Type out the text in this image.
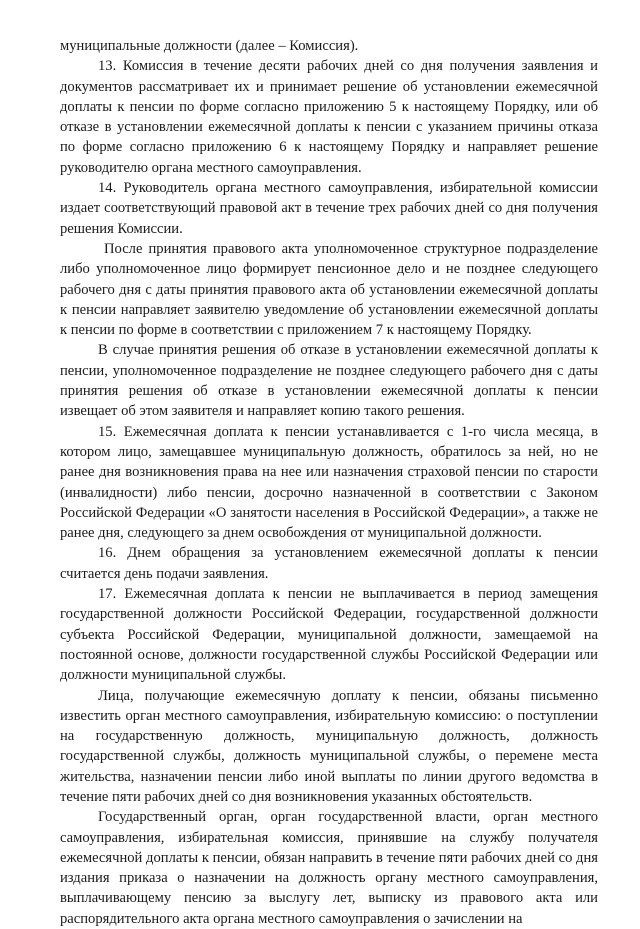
муниципальные должности (далее – Комиссия).

13. Комиссия в течение десяти рабочих дней со дня получения заявления и документов рассматривает их и принимает решение об установлении ежемесячной доплаты к пенсии по форме согласно приложению 5 к настоящему Порядку, или об отказе в установлении ежемесячной доплаты к пенсии с указанием причины отказа по форме согласно приложению 6 к настоящему Порядку и направляет решение руководителю органа местного самоуправления.

14. Руководитель органа местного самоуправления, избирательной комиссии издает соответствующий правовой акт в течение трех рабочих дней со дня получения решения Комиссии.

После принятия правового акта уполномоченное структурное подразделение либо уполномоченное лицо формирует пенсионное дело и не позднее следующего рабочего дня с даты принятия правового акта об установлении ежемесячной доплаты к пенсии направляет заявителю уведомление об установлении ежемесячной доплаты к пенсии по форме в соответствии с приложением 7 к настоящему Порядку.

В случае принятия решения об отказе в установлении ежемесячной доплаты к пенсии, уполномоченное подразделение не позднее следующего рабочего дня с даты принятия решения об отказе в установлении ежемесячной доплаты к пенсии извещает об этом заявителя и направляет копию такого решения.

15. Ежемесячная доплата к пенсии устанавливается с 1-го числа месяца, в котором лицо, замещавшее муниципальную должность, обратилось за ней, но не ранее дня возникновения права на нее или назначения страховой пенсии по старости (инвалидности) либо пенсии, досрочно назначенной в соответствии с Законом Российской Федерации «О занятости населения в Российской Федерации», а также не ранее дня, следующего за днем освобождения от муниципальной должности.

16. Днем обращения за установлением ежемесячной доплаты к пенсии считается день подачи заявления.

17. Ежемесячная доплата к пенсии не выплачивается в период замещения государственной должности Российской Федерации, государственной должности субъекта Российской Федерации, муниципальной должности, замещаемой на постоянной основе, должности государственной службы Российской Федерации или должности муниципальной службы.

Лица, получающие ежемесячную доплату к пенсии, обязаны письменно известить орган местного самоуправления, избирательную комиссию: о поступлении на государственную должность, муниципальную должность, должность государственной службы, должность муниципальной службы, о перемене места жительства, назначении пенсии либо иной выплаты по линии другого ведомства в течение пяти рабочих дней со дня возникновения указанных обстоятельств.

Государственный орган, орган государственной власти, орган местного самоуправления, избирательная комиссия, принявшие на службу получателя ежемесячной доплаты к пенсии, обязан направить в течение пяти рабочих дней со дня издания приказа о назначении на должность органу местного самоуправления, выплачивающему пенсию за выслугу лет, выписку из правового акта или распорядительного акта органа местного самоуправления о зачислении на
